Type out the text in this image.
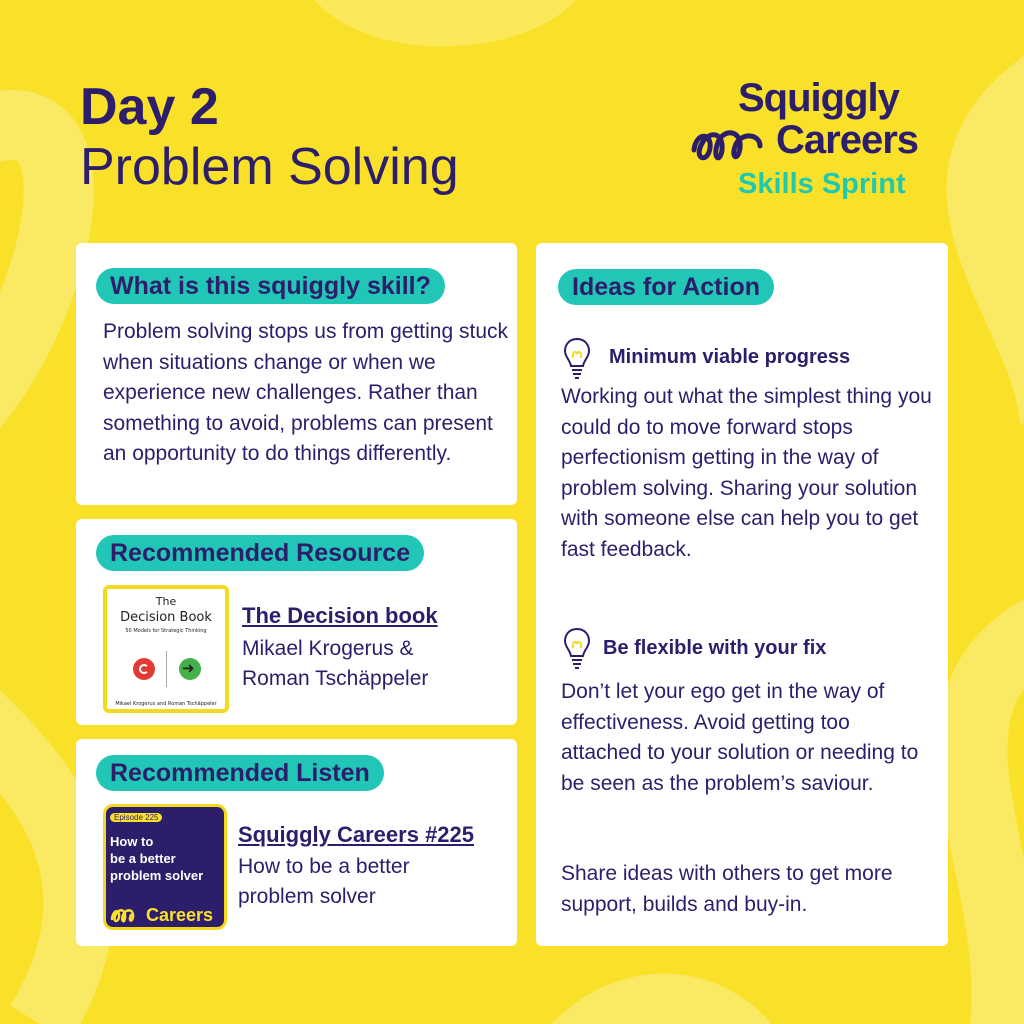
Day 2
Problem Solving
Squiggly
Careers
Skills Sprint
What is this squiggly skill?
Problem solving stops us from getting stuck when situations change or when we experience new challenges. Rather than something to avoid, problems can present an opportunity to do things differently.
Recommended Resource
The
Decision Book
50 Models for Strategic Thinking
➜
Mikael Krogerus and Roman Tschäppeler
The Decision book
Mikael Krogerus &
Roman Tschäppeler
Recommended Listen
Episode 225
How to
be a better
problem solver
Careers
Squiggly Careers #225
How to be a better
problem solver
Ideas for Action
Minimum viable progress
Working out what the simplest thing you could do to move forward stops perfectionism getting in the way of problem solving. Sharing your solution with someone else can help you to get fast feedback.
Be flexible with your fix
Don’t let your ego get in the way of effectiveness. Avoid getting too attached to your solution or needing to be seen as the problem’s saviour.
Share ideas with others to get more support, builds and buy-in.
